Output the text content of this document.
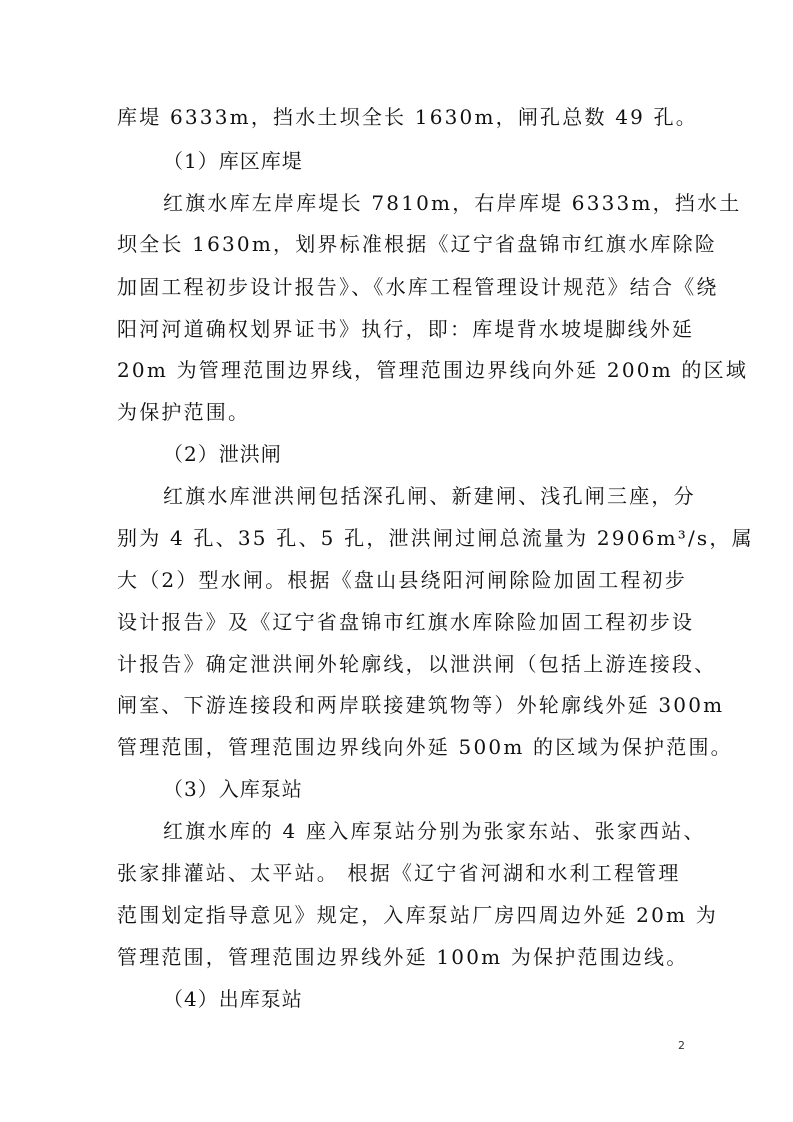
库堤 6333m，挡水土坝全长 1630m，闸孔总数 49 孔。
（1）库区库堤
红旗水库左岸库堤长 7810m，右岸库堤 6333m，挡水土
坝全长 1630m，划界标准根据《辽宁省盘锦市红旗水库除险
加固工程初步设计报告》、《水库工程管理设计规范》结合《绕
阳河河道确权划界证书》执行，即：库堤背水坡堤脚线外延
20m 为管理范围边界线，管理范围边界线向外延 200m 的区域
为保护范围。
（2）泄洪闸
红旗水库泄洪闸包括深孔闸、新建闸、浅孔闸三座，分
别为 4 孔、35 孔、5 孔，泄洪闸过闸总流量为 2906m³/s，属
大（2）型水闸。根据《盘山县绕阳河闸除险加固工程初步
设计报告》及《辽宁省盘锦市红旗水库除险加固工程初步设
计报告》确定泄洪闸外轮廓线，以泄洪闸（包括上游连接段、
闸室、下游连接段和两岸联接建筑物等）外轮廓线外延 300m
管理范围，管理范围边界线向外延 500m 的区域为保护范围。
（3）入库泵站
红旗水库的 4 座入库泵站分别为张家东站、张家西站、
张家排灌站、太平站。 根据《辽宁省河湖和水利工程管理
范围划定指导意见》规定，入库泵站厂房四周边外延 20m 为
管理范围，管理范围边界线外延 100m 为保护范围边线。
（4）出库泵站
2
